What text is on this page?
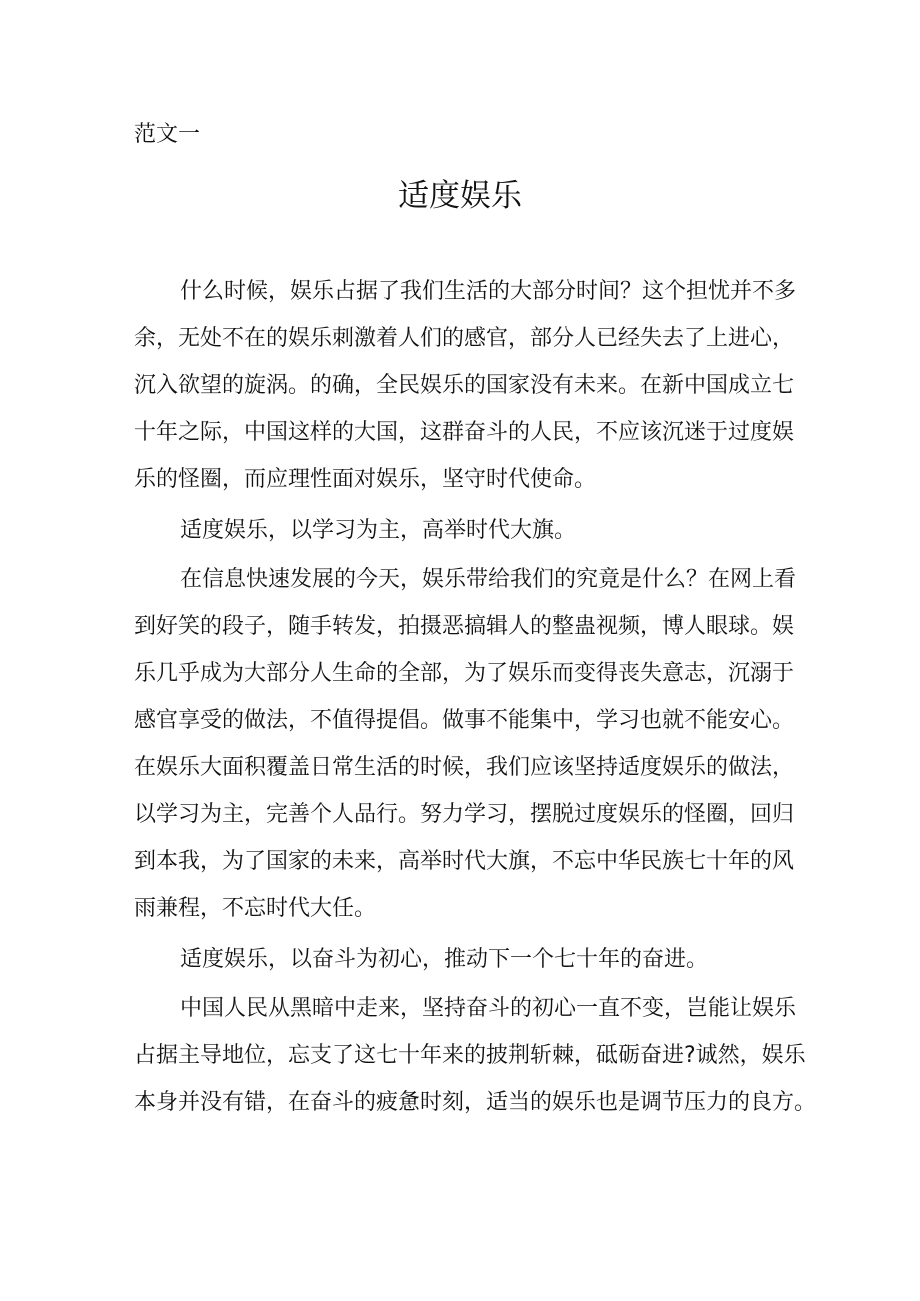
范文一
适度娱乐
什么时候，娱乐占据了我们生活的大部分时间？这个担忧并不多
余，无处不在的娱乐刺激着人们的感官，部分人已经失去了上进心，
沉入欲望的旋涡。的确，全民娱乐的国家没有未来。在新中国成立七
十年之际，中国这样的大国，这群奋斗的人民，不应该沉迷于过度娱
乐的怪圈，而应理性面对娱乐，坚守时代使命。
适度娱乐，以学习为主，高举时代大旗。
在信息快速发展的今天，娱乐带给我们的究竟是什么？在网上看
到好笑的段子，随手转发，拍摄恶搞辑人的整蛊视频，博人眼球。娱
乐几乎成为大部分人生命的全部，为了娱乐而变得丧失意志，沉溺于
感官享受的做法，不值得提倡。做事不能集中，学习也就不能安心。
在娱乐大面积覆盖日常生活的时候，我们应该坚持适度娱乐的做法，
以学习为主，完善个人品行。努力学习，摆脱过度娱乐的怪圈，回归
到本我，为了国家的未来，高举时代大旗，不忘中华民族七十年的风
雨兼程，不忘时代大任。
适度娱乐，以奋斗为初心，推动下一个七十年的奋进。
中国人民从黑暗中走来，坚持奋斗的初心一直不变，岂能让娱乐
占据主导地位，忘支了这七十年来的披荆斩棘，砥砺奋进?诚然，娱乐
本身并没有错，在奋斗的疲惫时刻，适当的娱乐也是调节压力的良方。
